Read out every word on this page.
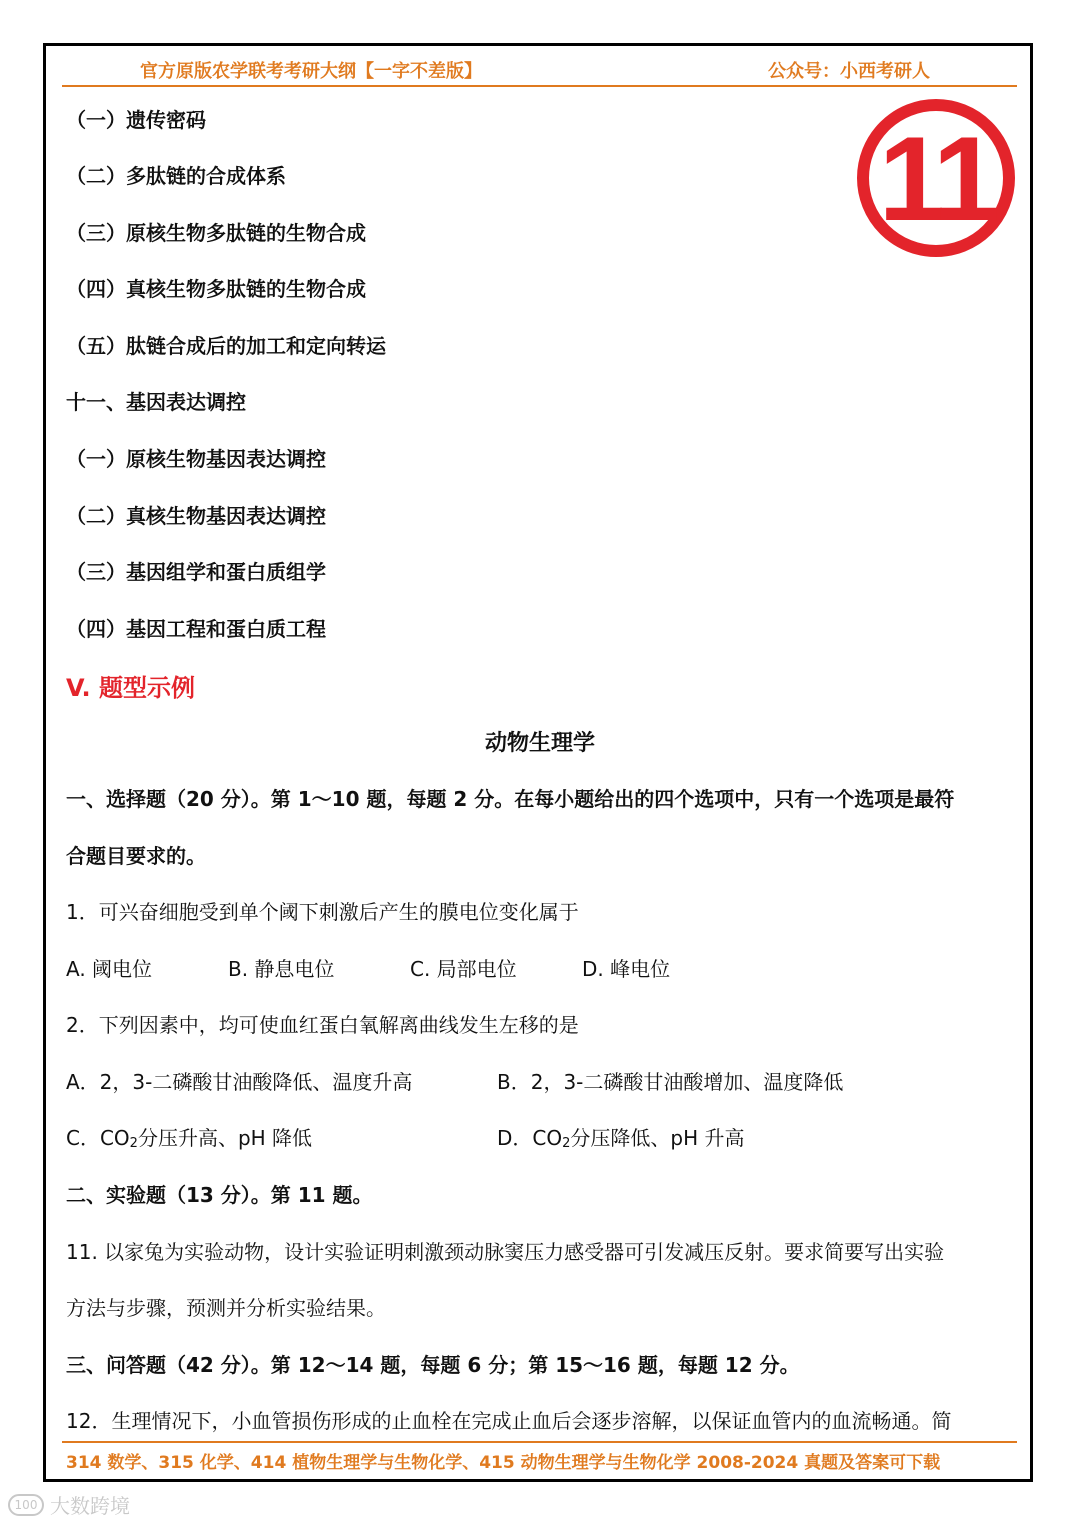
官方原版农学联考考研大纲【一字不差版】	公众号：小西考研人
11
（一）遗传密码
（二）多肽链的合成体系
（三）原核生物多肽链的生物合成
（四）真核生物多肽链的生物合成
（五）肽链合成后的加工和定向转运
十一、基因表达调控
（一）原核生物基因表达调控
（二）真核生物基因表达调控
（三）基因组学和蛋白质组学
（四）基因工程和蛋白质工程
V. 题型示例
动物生理学
一、选择题（20 分）。第 1～10 题，每题 2 分。在每小题给出的四个选项中，只有一个选项是最符
合题目要求的。
1．可兴奋细胞受到单个阈下刺激后产生的膜电位变化属于
A. 阈电位	B. 静息电位	C. 局部电位	D. 峰电位
2．下列因素中，均可使血红蛋白氧解离曲线发生左移的是
A．2，3-二磷酸甘油酸降低、温度升高	B．2，3-二磷酸甘油酸增加、温度降低
C．$CO_2$分压升高、pH 降低	D．$CO_2$分压降低、pH 升高
二、实验题（13 分）。第 11 题。
11. 以家兔为实验动物，设计实验证明刺激颈动脉窦压力感受器可引发减压反射。要求简要写出实验
方法与步骤，预测并分析实验结果。
三、问答题（42 分）。第 12～14 题，每题 6 分；第 15～16 题，每题 12 分。
12．生理情况下，小血管损伤形成的止血栓在完成止血后会逐步溶解，以保证血管内的血流畅通。简
314 数学、315 化学、414 植物生理学与生物化学、415 动物生理学与生物化学 2008-2024 真题及答案可下载
100 大数跨境
